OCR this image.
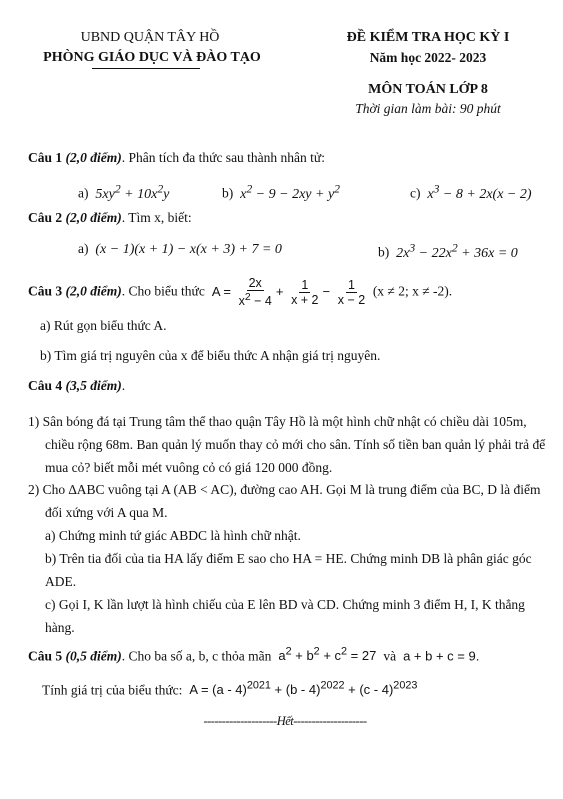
UBND QUẬN TÂY HỒ
PHÒNG GIÁO DỤC VÀ ĐÀO TẠO
ĐỀ KIỂM TRA HỌC KỲ I
Năm học 2022- 2023
MÔN TOÁN LỚP 8
Thời gian làm bài: 90 phút
Câu 1 (2,0 điểm). Phân tích đa thức sau thành nhân tử:
a)  $5xy^2 + 10x^2y$	b)  $x^2 - 9 - 2xy + y^2$	c)  $x^3 - 8 + 2x(x - 2)$
Câu 2 (2,0 điểm). Tìm x, biết:
a)  (x − 1)(x + 1) − x(x + 3) + 7 = 0	b)  $2x^3 - 22x^2 + 36x = 0$
Câu 3 (2,0 điểm). Cho biểu thức  $A = \frac{2x}{x^2 - 4} + \frac{1}{x + 2} - \frac{1}{x - 2} (x \ne 2$; x ≠ -2).
a) Rút gọn biểu thức A.
b) Tìm giá trị nguyên của x để biểu thức A nhận giá trị nguyên.
Câu 4 (3,5 điểm).
1) Sân bóng đá tại Trung tâm thể thao quận Tây Hồ là một hình chữ nhật có chiều dài 105m, chiều rộng 68m. Ban quản lý muốn thay cỏ mới cho sân. Tính số tiền ban quản lý phải trả để mua cỏ? biết mỗi mét vuông cỏ có giá 120 000 đồng.
2) Cho ∆ABC vuông tại A (AB < AC), đường cao AH. Gọi M là trung điểm của BC, D là điểm đối xứng với A qua M.
a) Chứng minh tứ giác ABDC là hình chữ nhật.
b) Trên tia đối của tia HA lấy điểm E sao cho HA = HE. Chứng minh DB là phân giác góc ADE.
c) Gọi I, K lần lượt là hình chiếu của E lên BD và CD. Chứng minh 3 điểm H, I, K thẳng hàng.
Câu 5 (0,5 điểm). Cho ba số a, b, c thỏa mãn  $a^2 + b^2 + c^2 = 27$  và  a + b + c = 9.
Tính giá trị của biểu thức:  A = (a - 4)$^{2021}$ + (b - 4)$^{2022}$ + (c - 4)$^{2023}$
--------------------Hết--------------------
